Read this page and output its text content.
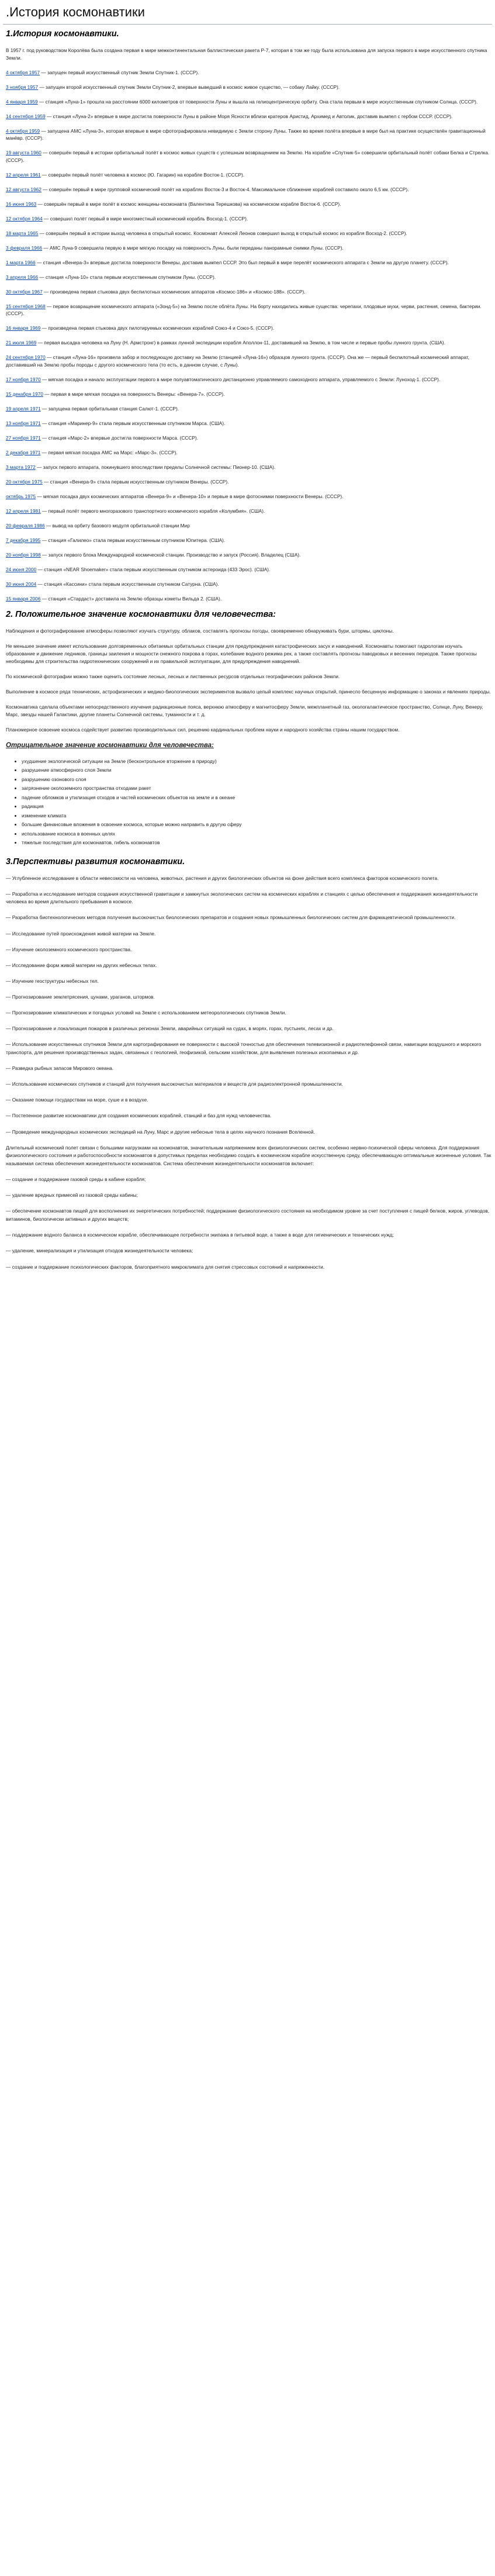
.История космонавтики
1.История космонавтики.

В 1957 г. под руководством Королёва была создана первая в мире межконтинентальная баллистическая ракета Р-7, которая в том же году была использована для запуска первого в мире искусственного спутника Земли.

4 октября 1957 — запущен первый искусственный спутник Земли Спутник-1. (СССР).

3 ноября 1957 — запущен второй искусственный спутник Земли Спутник-2, впервые выведший в космос живое существо, — собаку Лайку. (СССР).

4 января 1959 — станция «Луна-1» прошла на расстоянии 6000 километров от поверхности Луны и вышла на гелиоцентрическую орбиту. Она стала первым в мире искусственным спутником Солнца. (СССР).

14 сентября 1959 — станция «Луна-2» впервые в мире достигла поверхности Луны в районе Моря Ясности вблизи кратеров Аристид, Архимед и Автолик, доставив вымпел с гербом СССР. (СССР).

4 октября 1959 — запущена АМС «Луна-3», которая впервые в мире сфотографировала невидимую с Земли сторону Луны. Также во время полёта впервые в мире был на практике осуществлён гравитационный манёвр. (СССР).

19 августа 1960 — совершён первый в истории орбитальный полёт в космос живых существ с успешным возвращением на Землю. На корабле «Спутник-5» совершили орбитальный полёт собаки Белка и Стрелка. (СССР).

12 апреля 1961 — совершён первый полёт человека в космос (Ю. Гагарин) на корабле Восток-1. (СССР).

12 августа 1962 — совершён первый в мире групповой космический полёт на кораблях Восток-3 и Восток-4. Максимальное сближение кораблей составило около 6,5 км. (СССР).

16 июня 1963 — совершён первый в мире полёт в космос женщины-космонавта (Валентина Терешкова) на космическом корабле Восток-6. (СССР).

12 октября 1964 — совершил полёт первый в мире многоместный космический корабль Восход-1. (СССР).

18 марта 1965 — совершён первый в истории выход человека в открытый космос. Космонавт Алексей Леонов совершил выход в открытый космос из корабля Восход-2. (СССР).

3 февраля 1966 — АМС Луна-9 совершила первую в мире мягкую посадку на поверхность Луны, были переданы панорамные снимки Луны. (СССР).

1 марта 1966 — станция «Венера-3» впервые достигла поверхности Венеры, доставив вымпел СССР. Это был первый в мире перелёт космического аппарата с Земли на другую планету. (СССР).

3 апреля 1966 — станция «Луна-10» стала первым искусственным спутником Луны. (СССР).

30 октября 1967 — произведена первая стыковка двух беспилотных космических аппаратов «Космос-186» и «Космос-188». (СССР).

15 сентября 1968 — первое возвращение космического аппарата («Зонд-5») на Землю после облёта Луны. На борту находились живые существа: черепахи, плодовые мухи, черви, растения, семена, бактерии. (СССР).

16 января 1969 — произведена первая стыковка двух пилотируемых космических кораблей Союз-4 и Союз-5. (СССР).

21 июля 1969 — первая высадка человека на Луну (Н. Армстронг) в рамках лунной экспедиции корабля Аполлон-11, доставившей на Землю, в том числе и первые пробы лунного грунта. (США).

24 сентября 1970 — станция «Луна-16» произвела забор и последующую доставку на Землю (станцией «Луна-16») образцов лунного грунта. (СССР). Она же — первый беспилотный космический аппарат, доставивший на Землю пробы породы с другого космического тела (то есть, в данном случае, с Луны).

17 ноября 1970 — мягкая посадка и начало эксплуатации первого в мире полуавтоматического дистанционно управляемого самоходного аппарата, управляемого с Земли: Луноход-1. (СССР).

15 декабря 1970 — первая в мире мягкая посадка на поверхность Венеры: «Венера-7». (СССР).

19 апреля 1971 — запущена первая орбитальная станция Салют-1. (СССР).

13 ноября 1971 — станция «Маринер-9» стала первым искусственным спутником Марса. (США).

27 ноября 1971 — станция «Марс-2» впервые достигла поверхности Марса. (СССР).

2 декабря 1971 — первая мягкая посадка АМС на Марс: «Марс-3». (СССР).

3 марта 1972 — запуск первого аппарата, покинувшего впоследствии пределы Солнечной системы: Пионер-10. (США).

20 октября 1975 — станция «Венера-9» стала первым искусственным спутником Венеры. (СССР).

октябрь 1975 — мягкая посадка двух космических аппаратов «Венера-9» и «Венера-10» и первые в мире фотоснимки поверхности Венеры. (СССР).

12 апреля 1981 — первый полёт первого многоразового транспортного космического корабля «Колумбия». (США).

20 февраля 1986 — вывод на орбиту базового модуля орбитальной станции Мир

7 декабря 1995 — станция «Галилео» стала первым искусственным спутником Юпитера. (США).

20 ноября 1998 — запуск первого блока Международной космической станции. Производство и запуск (Россия). Владелец (США).

24 июня 2000 — станция «NEAR Shoemaker» стала первым искусственным спутником астероида (433 Эрос). (США).

30 июня 2004 — станция «Кассини» стала первым искусственным спутником Сатурна. (США).

15 января 2006 — станция «Стардаст» доставила на Землю образцы кометы Вильда 2. (США).

2. Положительное значение космонавтики для человечества:

Наблюдения и фотографирование атмосферы позволяют изучать структуру, облаков, составлять прогнозы погоды, своевременно обнаруживать бури, штормы, циклоны.

Не меньшее значение имеет использование долговременных обитаемых орбитальных станции для предупреждения катастрофических засух и наводнений. Космонавты помогают гидрологам изучать образование и движение ледников, границы заиления и мощности снежного покрова в горах, колебание водного режима рек, а также составлять прогнозы паводковых и весенних периодов. Также прогнозы необходимы для строительства гидротехнических сооружений и их правильной эксплуатации, для предупреждения наводнений.

По космической фотографии можно также оценить состояние лесных, лесных и лиственных ресурсов отдельных географических районов Земли.

Выполнение в космосе ряда технических, астрофизических и медико-биологических экспериментов вызвало целый комплекс научных открытий, принесло бесценную информацию о законах и явлениях природы.

Космонавтика сделала объектами непосредственного изучения радиационные пояса, верхнюю атмосферу и магнитосферу Земли, межпланетный газ, окологалактическое пространство, Солнце, Луну, Венеру, Марс, звезды нашей Галактики, другие планеты Солнечной системы, туманности и т. д.

Планомерное освоение космоса содействует развитию производительных сил, решению кардинальных проблем науки и народного хозяйства страны нашим государством.

Отрицательное значение космонавтики для человечества:
• ухудшение экологической ситуации на Земле (бесконтрольное вторжение в природу)
• разрушение атмосферного слоя Земли
• разрушению озонового слоя
• загрязнение околоземного пространства отходами ракет
• падение обломков и утилизация отходов и частей космических объектов на земле и в океане
• радиация
• изменение климата
• большие финансовые вложения в освоение космоса, которые можно направить в другую сферу
• использование космоса в военных целях
• тяжелые последствия для космонавтов, гибель космонавтов
3.Перспективы развития космонавтики.

— Углубленное исследование в области невесомости на человека, животных, растения и других биологических объектов на фоне действия всего комплекса факторов космического полета.

— Разработка и исследование методов создания искусственной гравитации и замкнутых экологических систем на космических кораблях и станциях с целью обеспечения и поддержания жизнедеятельности человека во время длительного пребывания в космосе.

— Разработка биотехнологических методов получения высокочистых биологических препаратов и создания новых промышленных биологических систем для фармацевтической промышленности.

— Исследование путей происхождения живой материи на Земле.

— Изучение околоземного космического пространства.

— Исследование форм живой материи на других небесных телах.

— Изучение геоструктуры небесных тел.

— Прогнозирование землетрясения, цунами, ураганов, штормов.

— Прогнозирование климатических и погодных условий на Земле с использованием метеорологических спутников Земли.

— Прогнозирование и локализация пожаров в различных регионах Земли, аварийных ситуаций на судах, в морях, горах, пустынях, лесах и др.

— Использование искусственных спутников Земли для картографирования ее поверхности с высокой точностью для обеспечения телевизионной и радиотелефонной связи, навигации воздушного и морского транспорта, для решения производственных задач, связанных с геологией, геофизикой, сельским хозяйством, для выявления полезных ископаемых и др.

— Разведка рыбных запасов Мирового океана.

— Использование космических спутников и станций для получения высокочистых материалов и веществ для радиоэлектронной промышленности.

— Оказание помощи государствам на море, суше и в воздухе.

— Постепенное развитие космонавтики для создания космических кораблей, станций и баз для нужд человечества.

— Проведение международных космических экспедиций на Луну, Марс и другие небесные тела в целях научного познания Вселенной.

Длительный космический полет связан с большими нагрузками на космонавтов, значительным напряжением всех физиологических систем, особенно нервно-психической сферы человека. Для поддержания физиологического состояния и работоспособности космонавтов в допустимых пределах необходимо создать в космическом корабле искусственную среду, обеспечивающую оптимальные жизненные условия. Так называемая система обеспечения жизнедеятельности космонавтов. Система обеспечения жизнедеятельности космонавтов включает:

— создание и поддержание газовой среды в кабине корабля;

— удаление вредных примесей из газовой среды кабины;

— обеспечение космонавтов пищей для восполнения их энергетических потребностей; поддержание физиологического состояния на необходимом уровне за счет поступления с пищей белков, жиров, углеводов, витаминов, биологически активных и других веществ;

— поддержание водного баланса в космическом корабле, обеспечивающее потребности экипажа в питьевой воде, а также в воде для гигиенических и технических нужд;

— удаление, минерализация и утилизация отходов жизнедеятельности человека;

— создание и поддержание психологических факторов, благоприятного микроклимата для снятия стрессовых состояний и напряженности.
